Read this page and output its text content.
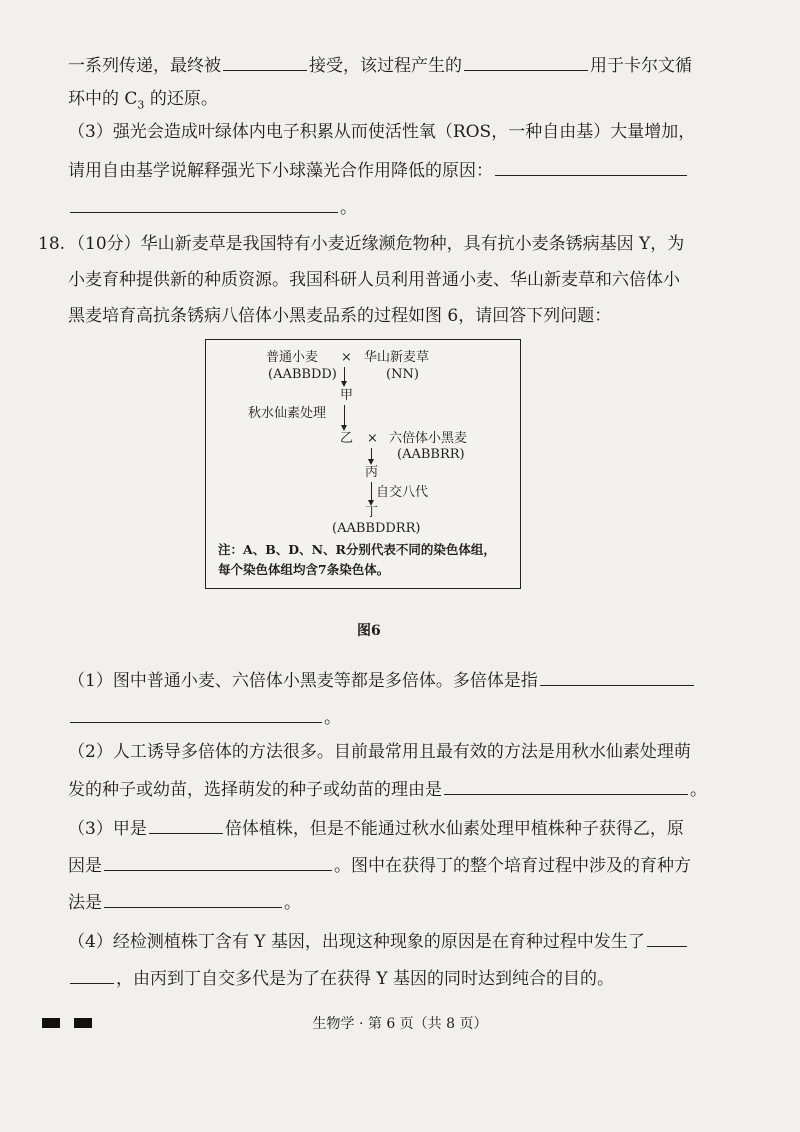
一系列传递，最终被	接受，该过程产生的	用于卡尔文循
环中的 $C_3$ 的还原。
（3）强光会造成叶绿体内电子积累从而使活性氧（ROS，一种自由基）大量增加，
请用自由基学说解释强光下小球藻光合作用降低的原因：
。
18. （10分）华山新麦草是我国特有小麦近缘濒危物种，具有抗小麦条锈病基因 Y，为
小麦育种提供新的种质资源。我国科研人员利用普通小麦、华山新麦草和六倍体小
黑麦培育高抗条锈病八倍体小黑麦品系的过程如图 6，请回答下列问题：
普通小麦
(AABBDD)
× 华山新麦草
(NN)
甲
秋水仙素处理
乙 × 六倍体小黑麦
(AABBRR)
丙
自交八代
丁
(AABBDDRR)
注：A、B、D、N、R分别代表不同的染色体组，
每个染色体组均含7条染色体。
图6
（1）图中普通小麦、六倍体小黑麦等都是多倍体。多倍体是指
。
（2）人工诱导多倍体的方法很多。目前最常用且最有效的方法是用秋水仙素处理萌
发的种子或幼苗，选择萌发的种子或幼苗的理由是	。
（3）甲是	倍体植株，但是不能通过秋水仙素处理甲植株种子获得乙，原
因是	。图中在获得丁的整个培育过程中涉及的育种方
法是	。
（4）经检测植株丁含有 Y 基因，出现这种现象的原因是在育种过程中发生了
，由丙到丁自交多代是为了在获得 Y 基因的同时达到纯合的目的。
生物学 · 第 6 页（共 8 页）
